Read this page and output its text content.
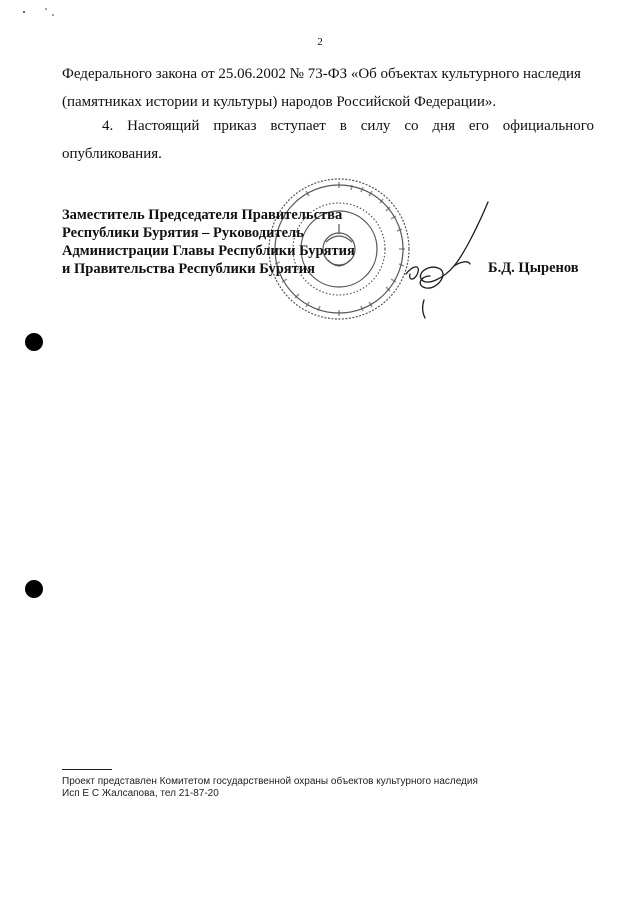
2
Федерального закона от 25.06.2002 № 73-ФЗ «Об объектах культурного наследия (памятниках истории и культуры) народов Российской Федерации».
4. Настоящий приказ вступает в силу со дня его официального
опубликования.
Заместитель Председателя Правительства
Республики Бурятия – Руководитель
Администрации Главы Республики Бурятия
и Правительства Республики Бурятия	Б.Д. Цыренов
Проект представлен Комитетом государственной охраны объектов культурного наследия
Исп Е С Жалсапова, тел 21-87-20
